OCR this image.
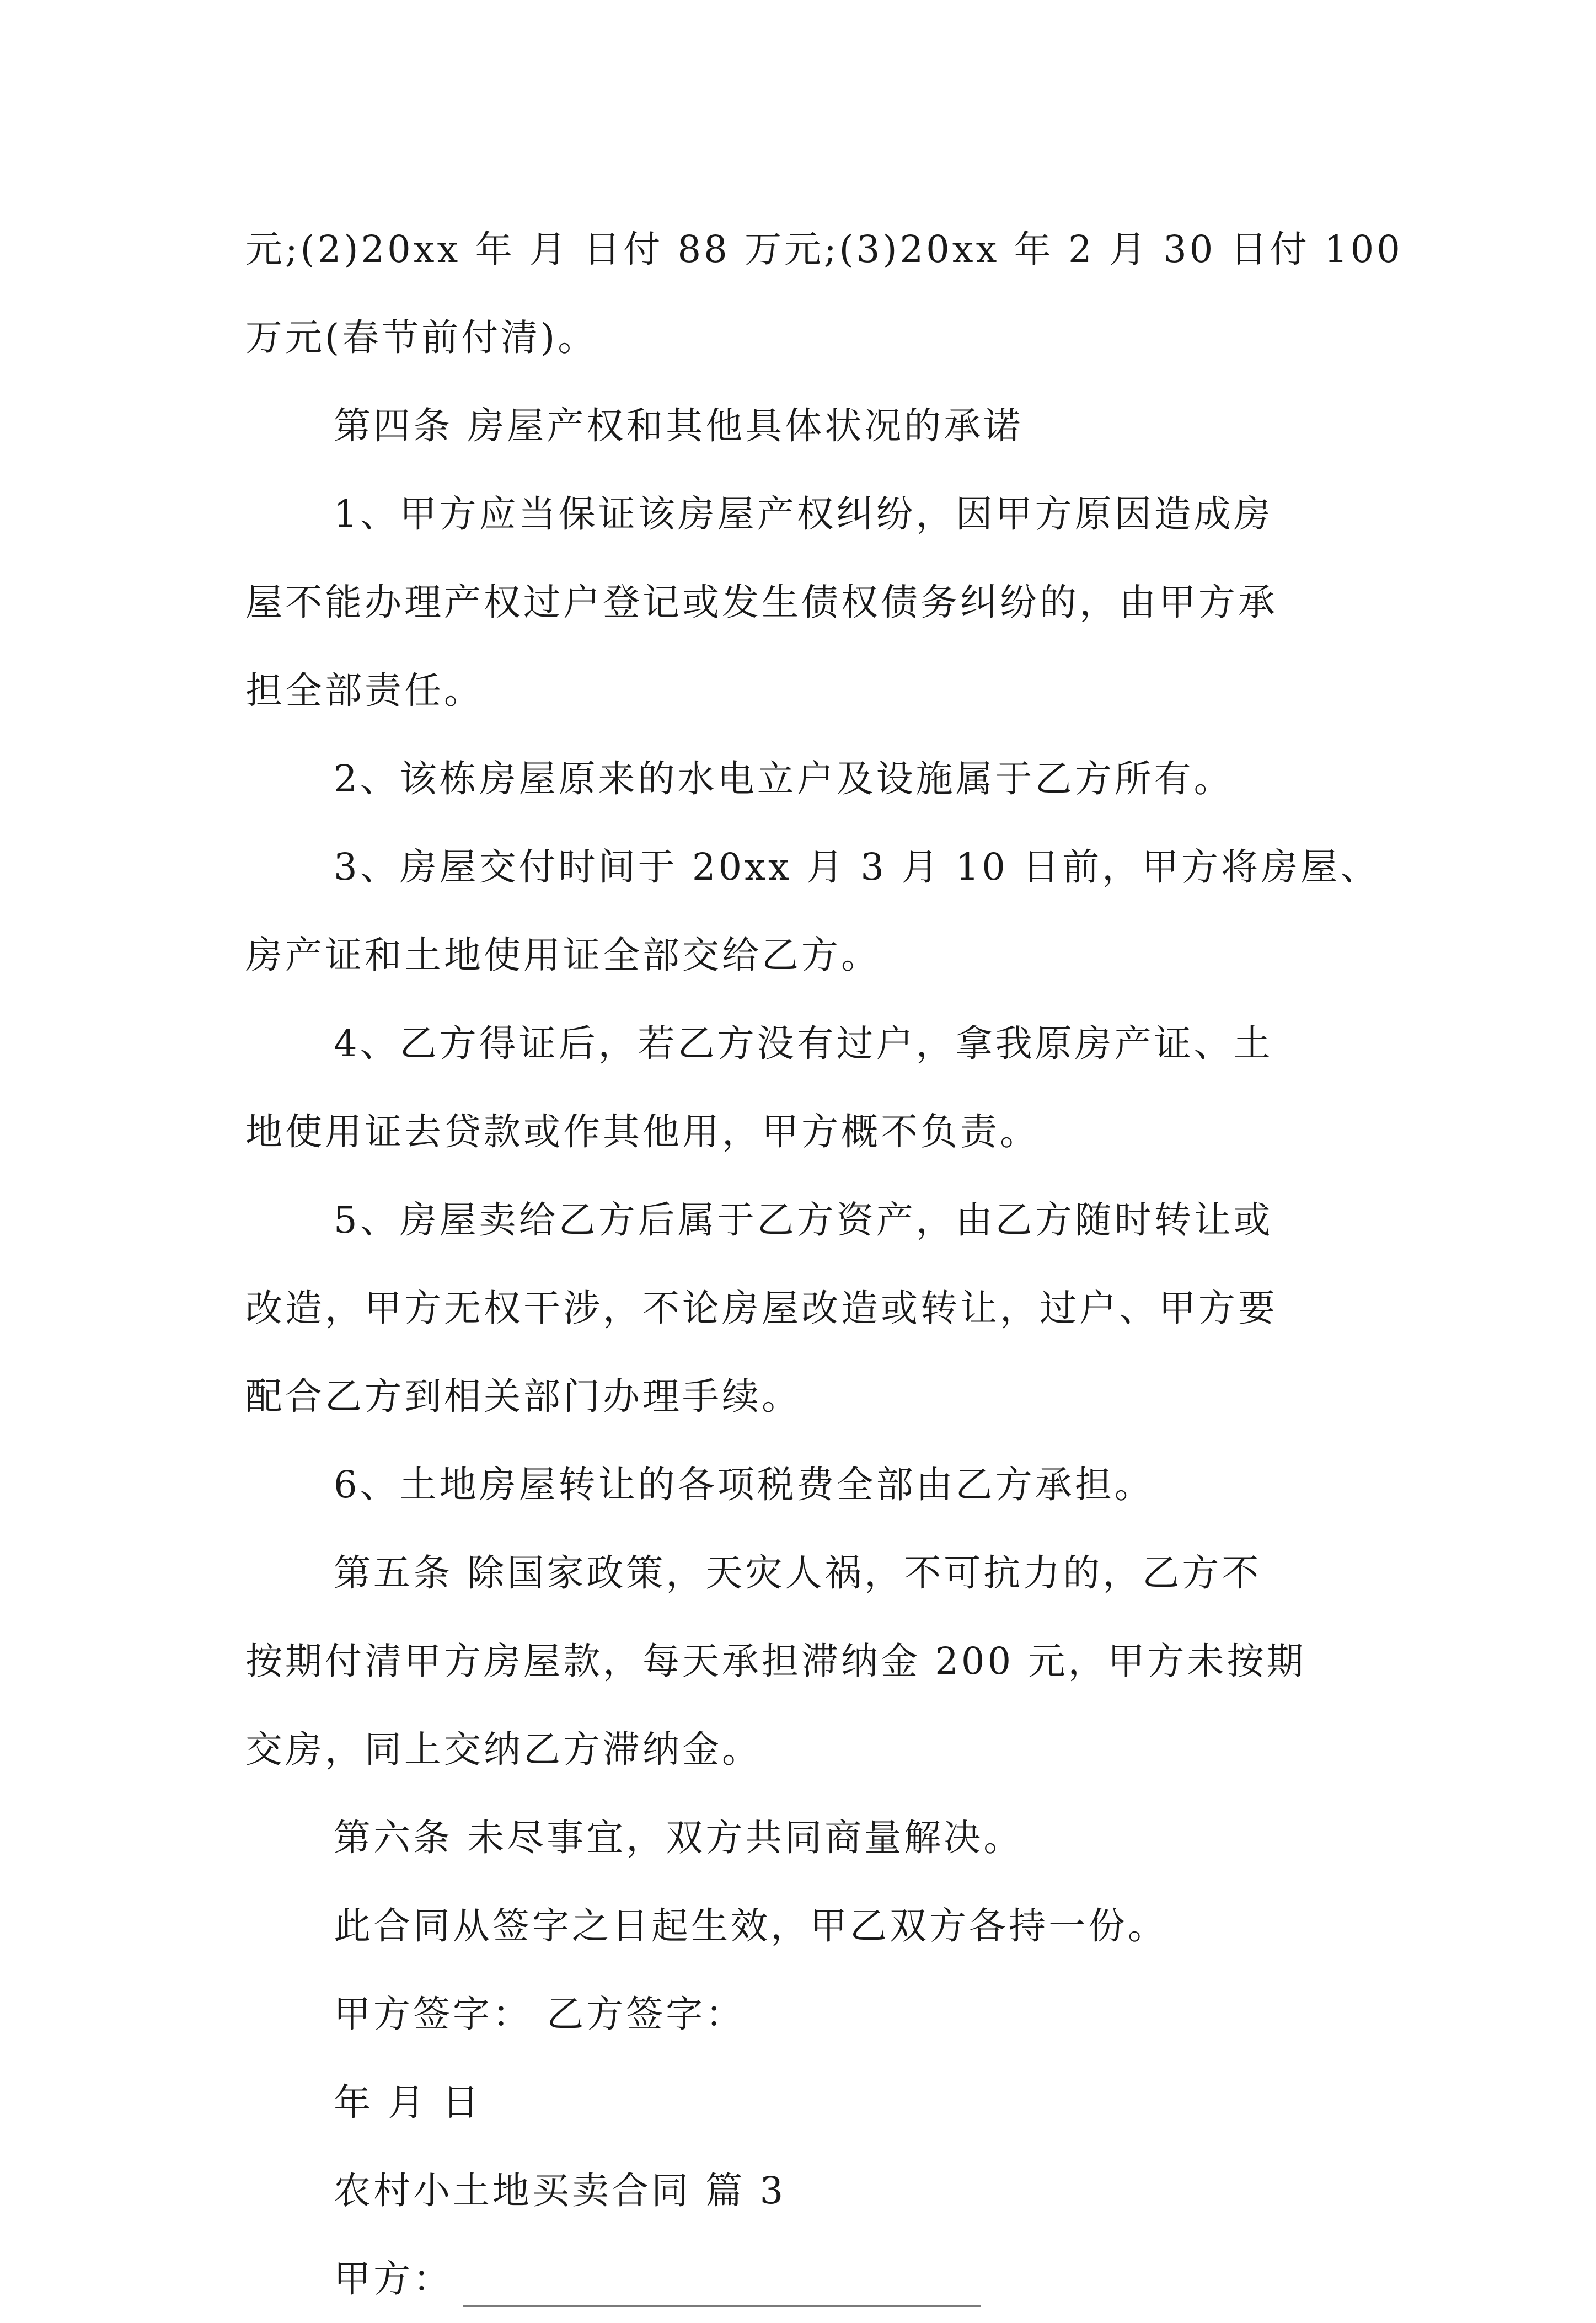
元;(2)20xx 年 月 日付 88 万元;(3)20xx 年 2 月 30 日付 100
万元(春节前付清)。

第四条 房屋产权和其他具体状况的承诺

1、甲方应当保证该房屋产权纠纷，因甲方原因造成房
屋不能办理产权过户登记或发生债权债务纠纷的，由甲方承
担全部责任。

2、该栋房屋原来的水电立户及设施属于乙方所有。

3、房屋交付时间于 20xx 月 3 月 10 日前，甲方将房屋、
房产证和土地使用证全部交给乙方。

4、乙方得证后，若乙方没有过户，拿我原房产证、土
地使用证去贷款或作其他用，甲方概不负责。

5、房屋卖给乙方后属于乙方资产，由乙方随时转让或
改造，甲方无权干涉，不论房屋改造或转让，过户、甲方要
配合乙方到相关部门办理手续。

6、土地房屋转让的各项税费全部由乙方承担。

第五条 除国家政策，天灾人祸，不可抗力的，乙方不
按期付清甲方房屋款，每天承担滞纳金 200 元，甲方未按期
交房，同上交纳乙方滞纳金。

第六条 未尽事宜，双方共同商量解决。

此合同从签字之日起生效，甲乙双方各持一份。

甲方签字： 乙方签字：

年 月 日

农村小土地买卖合同 篇 3

甲方：
